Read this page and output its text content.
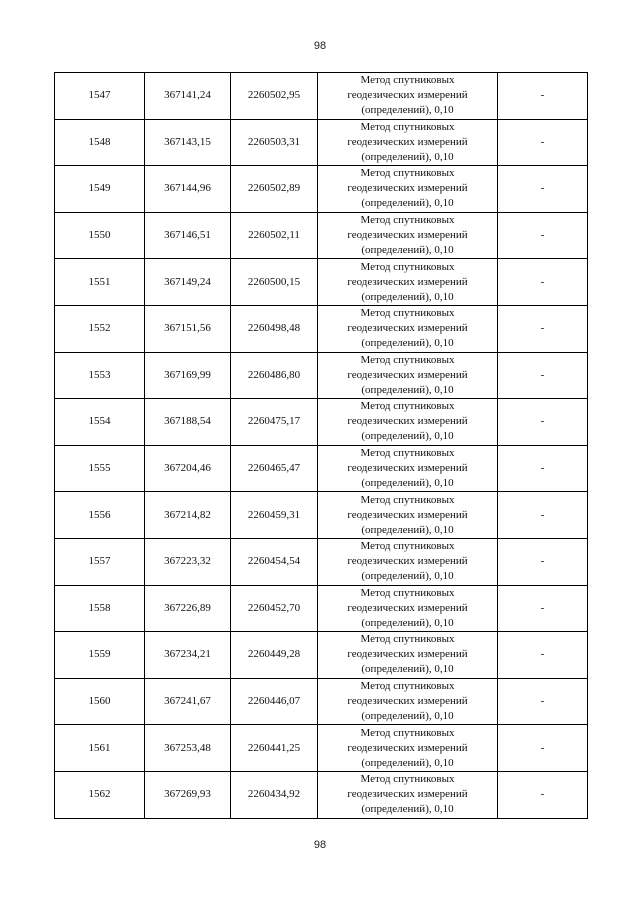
98
1547	367141,24	2260502,95	Метод спутниковых
геодезических измерений
(определений), 0,10	-
1548	367143,15	2260503,31	Метод спутниковых
геодезических измерений
(определений), 0,10	-
1549	367144,96	2260502,89	Метод спутниковых
геодезических измерений
(определений), 0,10	-
1550	367146,51	2260502,11	Метод спутниковых
геодезических измерений
(определений), 0,10	-
1551	367149,24	2260500,15	Метод спутниковых
геодезических измерений
(определений), 0,10	-
1552	367151,56	2260498,48	Метод спутниковых
геодезических измерений
(определений), 0,10	-
1553	367169,99	2260486,80	Метод спутниковых
геодезических измерений
(определений), 0,10	-
1554	367188,54	2260475,17	Метод спутниковых
геодезических измерений
(определений), 0,10	-
1555	367204,46	2260465,47	Метод спутниковых
геодезических измерений
(определений), 0,10	-
1556	367214,82	2260459,31	Метод спутниковых
геодезических измерений
(определений), 0,10	-
1557	367223,32	2260454,54	Метод спутниковых
геодезических измерений
(определений), 0,10	-
1558	367226,89	2260452,70	Метод спутниковых
геодезических измерений
(определений), 0,10	-
1559	367234,21	2260449,28	Метод спутниковых
геодезических измерений
(определений), 0,10	-
1560	367241,67	2260446,07	Метод спутниковых
геодезических измерений
(определений), 0,10	-
1561	367253,48	2260441,25	Метод спутниковых
геодезических измерений
(определений), 0,10	-
1562	367269,93	2260434,92	Метод спутниковых
геодезических измерений
(определений), 0,10	-
98
